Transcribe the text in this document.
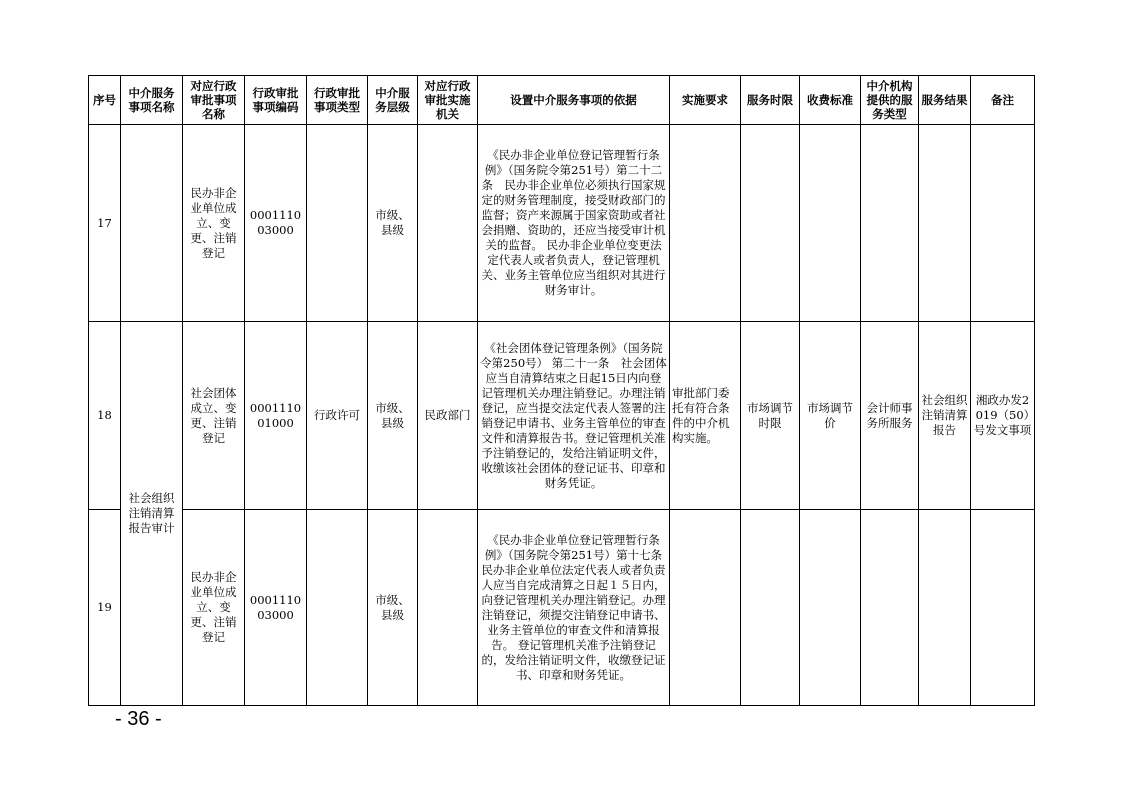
序号	中介服务事项名称	对应行政审批事项名称	行政审批事项编码	行政审批事项类型	中介服务层级	对应行政审批实施机关	设置中介服务事项的依据	实施要求	服务时限	收费标准	中介机构提供的服务类型	服务结果	备注
17		民办非企业单位成立、变更、注销登记	000111003000		市级、县级		《民办非企业单位登记管理暂行条例》（国务院令第251号）第二十二条　民办非企业单位必须执行国家规定的财务管理制度，接受财政部门的监督；资产来源属于国家资助或者社会捐赠、资助的，还应当接受审计机关的监督。 民办非企业单位变更法定代表人或者负责人，登记管理机关、业务主管单位应当组织对其进行财务审计。						
18	社会组织注销清算报告审计	社会团体成立、变更、注销登记	000111001000	行政许可	市级、县级	民政部门	《社会团体登记管理条例》（国务院令第250号） 第二十一条　社会团体应当自清算结束之日起15日内向登记管理机关办理注销登记。办理注销登记，应当提交法定代表人签署的注销登记申请书、业务主管单位的审查文件和清算报告书。登记管理机关准予注销登记的，发给注销证明文件，收缴该社会团体的登记证书、印章和财务凭证。	审批部门委托有符合条件的中介机构实施。	市场调节时限	市场调节价	会计师事务所服务	社会组织注销清算报告	湘政办发2019（50）号发文事项
19		民办非企业单位成立、变更、注销登记	000111003000		市级、县级		《民办非企业单位登记管理暂行条例》（国务院令第251号）第十七条　民办非企业单位法定代表人或者负责人应当自完成清算之日起１５日内，向登记管理机关办理注销登记。办理注销登记，须提交注销登记申请书、业务主管单位的审查文件和清算报告。 登记管理机关准予注销登记的，发给注销证明文件，收缴登记证书、印章和财务凭证。						
- 36 -
